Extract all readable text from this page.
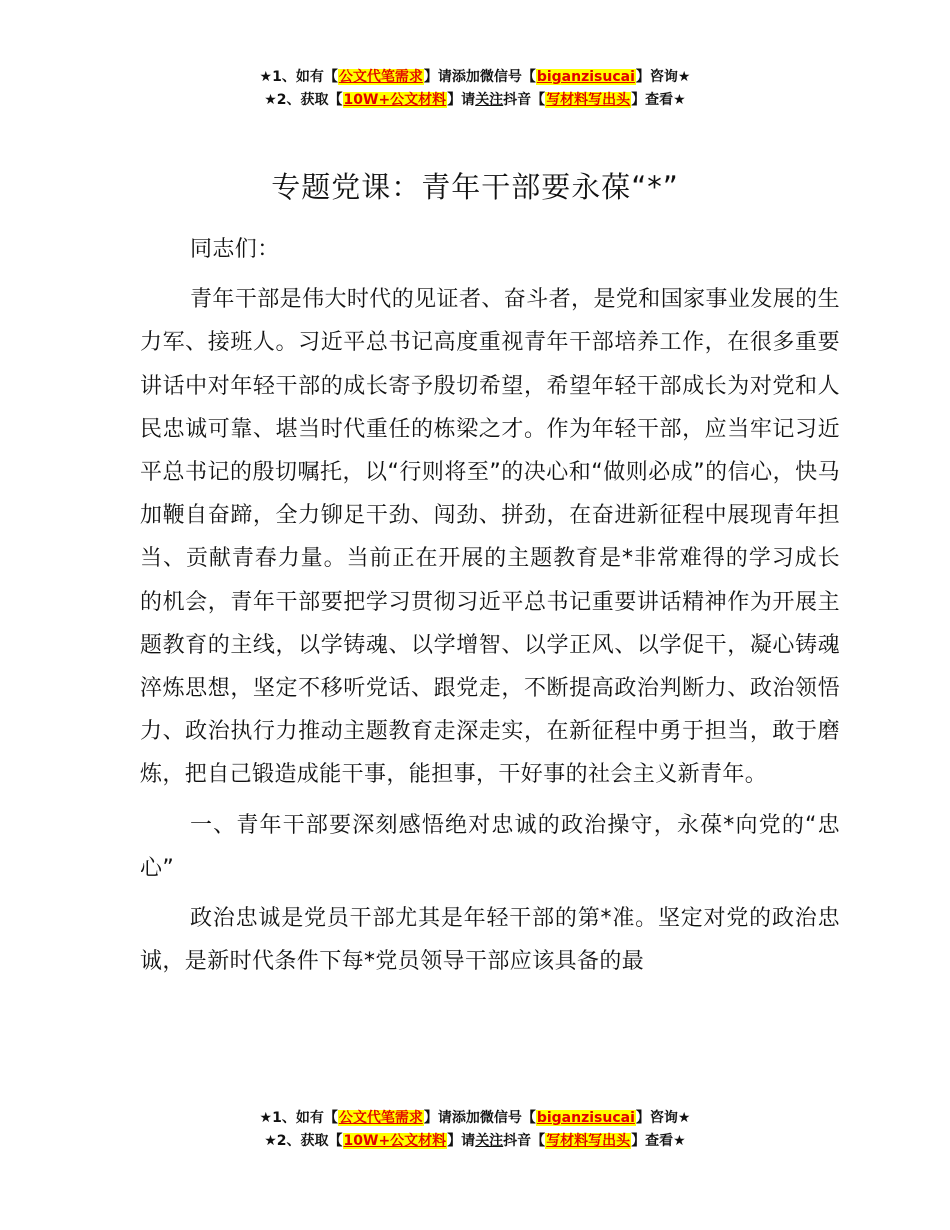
★1、如有【公文代笔需求】请添加微信号【biganzisucai】咨询★
★2、获取【10W+公文材料】请关注抖音【写材料写出头】查看★
专题党课：青年干部要永葆“*”

同志们：

青年干部是伟大时代的见证者、奋斗者，是党和国家事业发展的生力军、接班人。习近平总书记高度重视青年干部培养工作，在很多重要讲话中对年轻干部的成长寄予殷切希望，希望年轻干部成长为对党和人民忠诚可靠、堪当时代重任的栋梁之才。作为年轻干部，应当牢记习近平总书记的殷切嘱托，以“行则将至”的决心和“做则必成”的信心，快马加鞭自奋蹄，全力铆足干劲、闯劲、拼劲，在奋进新征程中展现青年担当、贡献青春力量。当前正在开展的主题教育是*非常难得的学习成长的机会，青年干部要把学习贯彻习近平总书记重要讲话精神作为开展主题教育的主线，以学铸魂、以学增智、以学正风、以学促干，凝心铸魂淬炼思想，坚定不移听党话、跟党走，不断提高政治判断力、政治领悟力、政治执行力推动主题教育走深走实，在新征程中勇于担当，敢于磨炼，把自己锻造成能干事，能担事，干好事的社会主义新青年。

一、青年干部要深刻感悟绝对忠诚的政治操守，永葆*向党的“忠心”

政治忠诚是党员干部尤其是年轻干部的第*准。坚定对党的政治忠诚，是新时代条件下每*党员领导干部应该具备的最

★1、如有【公文代笔需求】请添加微信号【biganzisucai】咨询★
★2、获取【10W+公文材料】请关注抖音【写材料写出头】查看★
